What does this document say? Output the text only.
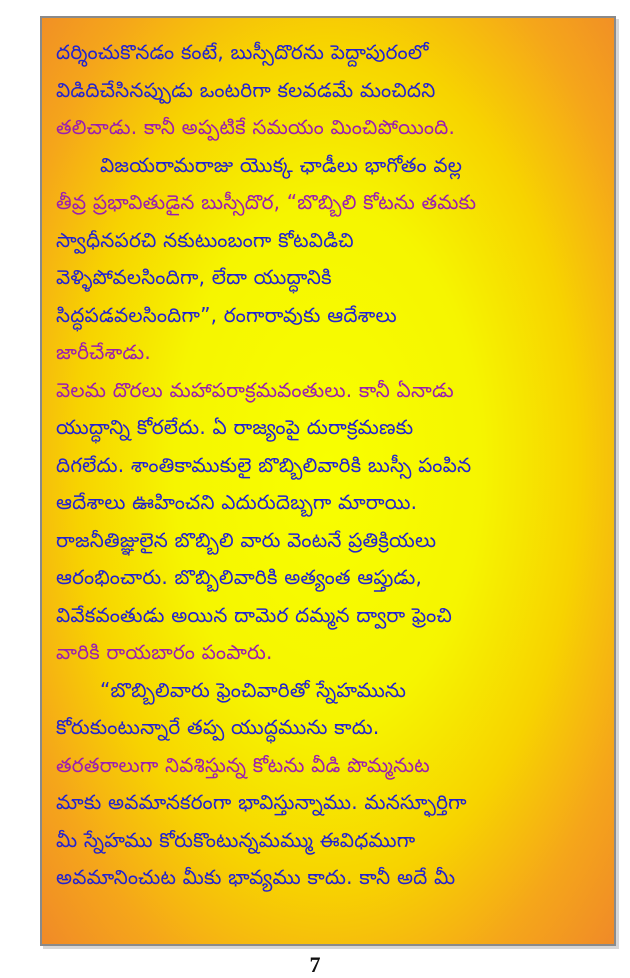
దర్శించుకొనడం కంటే, బుస్సీదొరను పెద్దాపురంలో
విడిదిచేసినప్పుడు ఒంటరిగా కలవడమే మంచిదని
తలిచాడు. కానీ అప్పటికే సమయం మించిపోయింది.
విజయరామరాజు యొక్క ఛాడీలు భాగోతం వల్ల
తీవ్ర ప్రభావితుడైన బుస్సీదొర, “బొబ్బిలి కోటను తమకు
స్వాధీనపరచి నకుటుంబంగా కోటవిడిచి
వెళ్ళిపోవలసిందిగా, లేదా యుద్ధానికి
సిద్ధపడవలసిందిగా”, రంగారావుకు ఆదేశాలు
జారీచేశాడు.
వెలమ దొరలు మహాపరాక్రమవంతులు. కానీ ఏనాడు
యుద్ధాన్ని కోరలేదు. ఏ రాజ్యంపై దురాక్రమణకు
దిగలేదు. శాంతికాముకులై బొబ్బిలివారికి బుస్సీ పంపిన
ఆదేశాలు ఊహించని ఎదురుదెబ్బగా మారాయి.
రాజనీతిజ్ఞులైన బొబ్బిలి వారు వెంటనే ప్రతిక్రియలు
ఆరంభించారు. బొబ్బిలివారికి అత్యంత ఆప్తుడు,
వివేకవంతుడు అయిన దామెర దమ్మన ద్వారా ఫ్రెంచి
వారికి రాయబారం పంపారు.
“బొబ్బిలివారు ఫ్రెంచివారితో స్నేహమును
కోరుకుంటున్నారే తప్ప యుద్ధమును కాదు.
తరతరాలుగా నివశిస్తున్న కోటను వీడి పొమ్మనుట
మాకు అవమానకరంగా భావిస్తున్నాము. మనస్ఫూర్తిగా
మీ స్నేహము కోరుకొంటున్నమమ్ము ఈవిధముగా
అవమానించుట మీకు భావ్యము కాదు. కానీ అదే మీ
7
